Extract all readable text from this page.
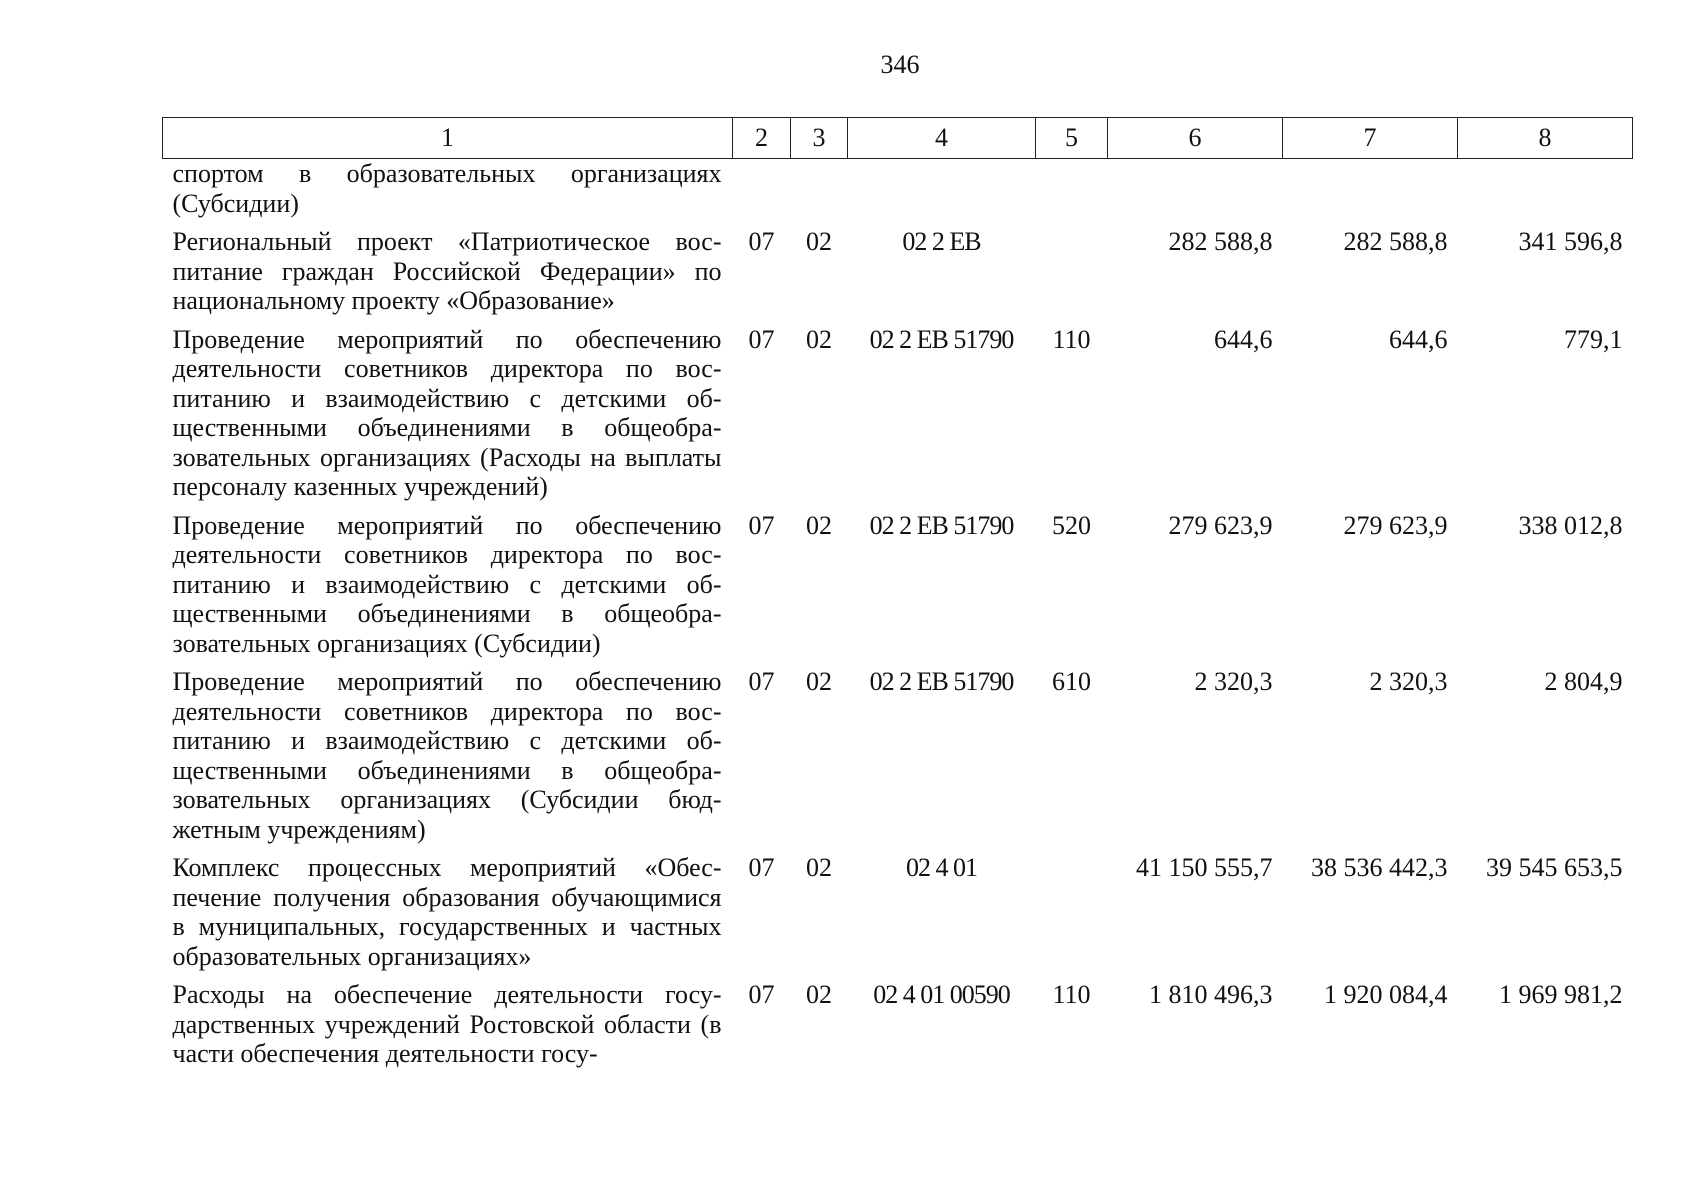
346
1	2	3	4	5	6	7	8
спортом в образовательных организациях (Субсидии)							
Региональный проект «Патриотическое воспитание граждан Российской Федерации» по национальному проекту «Образование»	07	02	02 2 EB		282 588,8	282 588,8	341 596,8
Проведение мероприятий по обеспечению деятельности советников директора по воспитанию и взаимодействию с детскими общественными объединениями в общеобразовательных организациях (Расходы на выплаты персоналу казенных учреждений)	07	02	02 2 EB 51790	110	644,6	644,6	779,1
Проведение мероприятий по обеспечению деятельности советников директора по воспитанию и взаимодействию с детскими общественными объединениями в общеобразовательных организациях (Субсидии)	07	02	02 2 EB 51790	520	279 623,9	279 623,9	338 012,8
Проведение мероприятий по обеспечению деятельности советников директора по воспитанию и взаимодействию с детскими общественными объединениями в общеобразовательных организациях (Субсидии бюджетным учреждениям)	07	02	02 2 EB 51790	610	2 320,3	2 320,3	2 804,9
Комплекс процессных мероприятий «Обеспечение получения образования обучающимися в муниципальных, государственных и частных образовательных организациях»	07	02	02 4 01		41 150 555,7	38 536 442,3	39 545 653,5
Расходы на обеспечение деятельности государственных учреждений Ростовской области (в части обеспечения деятельности госу-	07	02	02 4 01 00590	110	1 810 496,3	1 920 084,4	1 969 981,2
